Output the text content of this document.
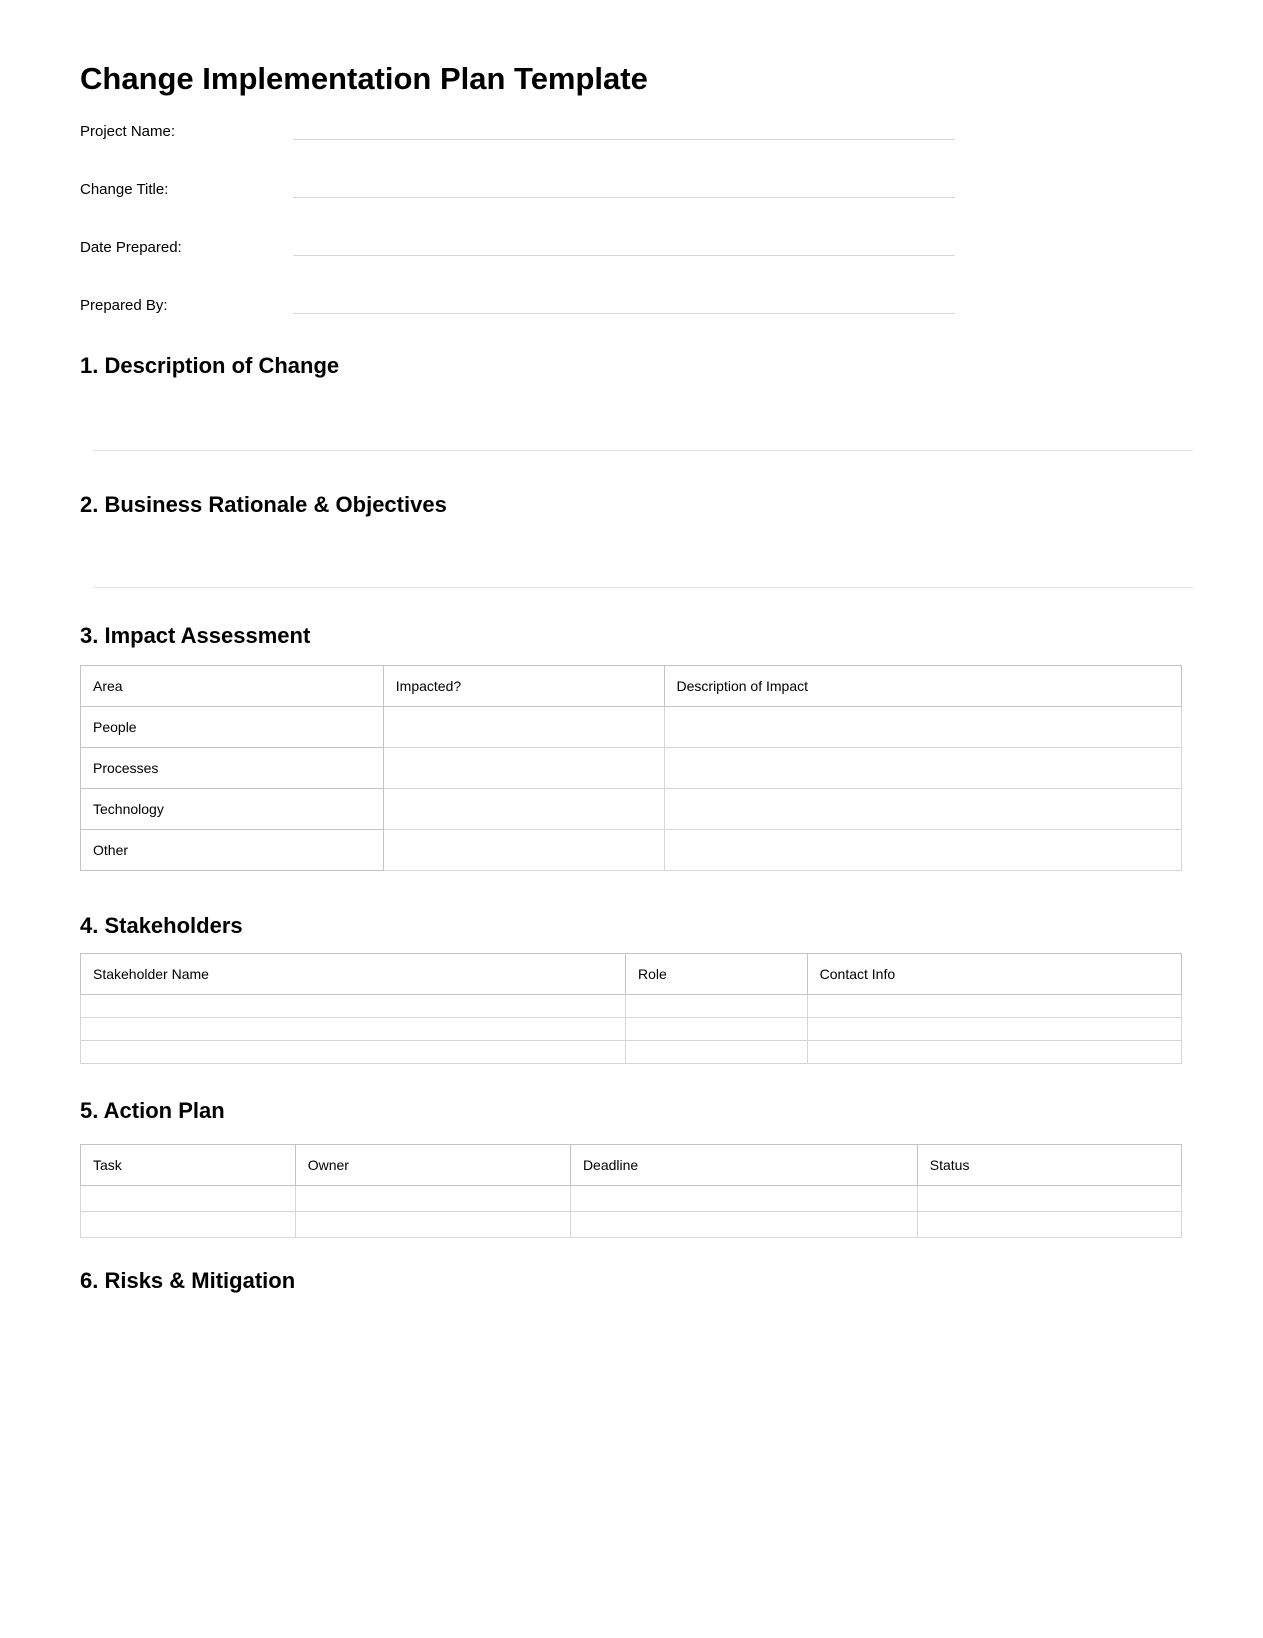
Change Implementation Plan Template
Project Name:
Change Title:
Date Prepared:
Prepared By:
1. Description of Change
2. Business Rationale & Objectives
3. Impact Assessment
Area	Impacted?	Description of Impact
People		
Processes		
Technology		
Other		
4. Stakeholders
Stakeholder Name	Role	Contact Info

5. Action Plan
Task	Owner	Deadline	Status

6. Risks & Mitigation
